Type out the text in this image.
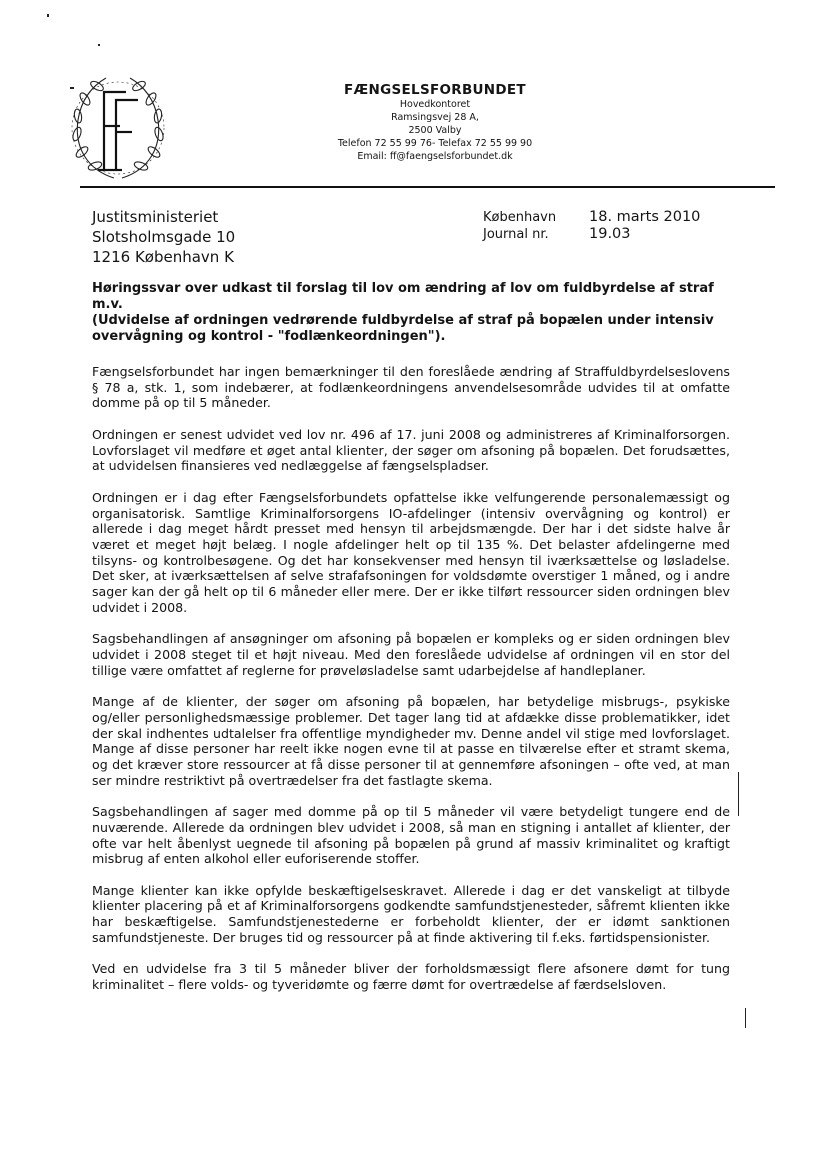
FÆNGSELSFORBUNDET
Hovedkontoret
Ramsingsvej 28 A,
2500 Valby
Telefon 72 55 99 76- Telefax 72 55 99 90
Email: ff@faengselsforbundet.dk
Justitsministeriet
Slotsholmsgade 10
1216 København K
København	18. marts 2010
Journal nr.	19.03
Høringssvar over udkast til forslag til lov om ændring af lov om fuldbyrdelse af straf m.v.
(Udvidelse af ordningen vedrørende fuldbyrdelse af straf på bopælen under intensiv overvågning og kontrol - "fodlænkeordningen").

Fængselsforbundet har ingen bemærkninger til den foreslåede ændring af Straffuldbyrdelseslovens § 78 a, stk. 1, som indebærer, at fodlænkeordningens anvendelsesområde udvides til at omfatte domme på op til 5 måneder.

Ordningen er senest udvidet ved lov nr. 496 af 17. juni 2008 og administreres af Kriminalforsorgen. Lovforslaget vil medføre et øget antal klienter, der søger om afsoning på bopælen. Det forudsættes, at udvidelsen finansieres ved nedlæggelse af fængselspladser.

Ordningen er i dag efter Fængselsforbundets opfattelse ikke velfungerende personalemæssigt og organisatorisk. Samtlige Kriminalforsorgens IO-afdelinger (intensiv overvågning og kontrol) er allerede i dag meget hårdt presset med hensyn til arbejdsmængde. Der har i det sidste halve år været et meget højt belæg. I nogle afdelinger helt op til 135 %. Det belaster afdelingerne med tilsyns- og kontrolbesøgene. Og det har konsekvenser med hensyn til iværksættelse og løsladelse. Det sker, at iværksættelsen af selve strafafsoningen for voldsdømte overstiger 1 måned, og i andre sager kan der gå helt op til 6 måneder eller mere. Der er ikke tilført ressourcer siden ordningen blev udvidet i 2008.

Sagsbehandlingen af ansøgninger om afsoning på bopælen er kompleks og er siden ordningen blev udvidet i 2008 steget til et højt niveau. Med den foreslåede udvidelse af ordningen vil en stor del tillige være omfattet af reglerne for prøveløsladelse samt udarbejdelse af handleplaner.

Mange af de klienter, der søger om afsoning på bopælen, har betydelige misbrugs-, psykiske og/eller personlighedsmæssige problemer. Det tager lang tid at afdække disse problematikker, idet der skal indhentes udtalelser fra offentlige myndigheder mv. Denne andel vil stige med lovforslaget. Mange af disse personer har reelt ikke nogen evne til at passe en tilværelse efter et stramt skema, og det kræver store ressourcer at få disse personer til at gennemføre afsoningen – ofte ved, at man ser mindre restriktivt på overtrædelser fra det fastlagte skema.

Sagsbehandlingen af sager med domme på op til 5 måneder vil være betydeligt tungere end de nuværende. Allerede da ordningen blev udvidet i 2008, så man en stigning i antallet af klienter, der ofte var helt åbenlyst uegnede til afsoning på bopælen på grund af massiv kriminalitet og kraftigt misbrug af enten alkohol eller euforiserende stoffer.

Mange klienter kan ikke opfylde beskæftigelseskravet. Allerede i dag er det vanskeligt at tilbyde klienter placering på et af Kriminalforsorgens godkendte samfundstjenesteder, såfremt klienten ikke har beskæftigelse. Samfundstjenestederne er forbeholdt klienter, der er idømt sanktionen samfundstjeneste. Der bruges tid og ressourcer på at finde aktivering til f.eks. førtidspensionister.

Ved en udvidelse fra 3 til 5 måneder bliver der forholdsmæssigt flere afsonere dømt for tung kriminalitet – flere volds- og tyveridømte og færre dømt for overtrædelse af færdselsloven.
